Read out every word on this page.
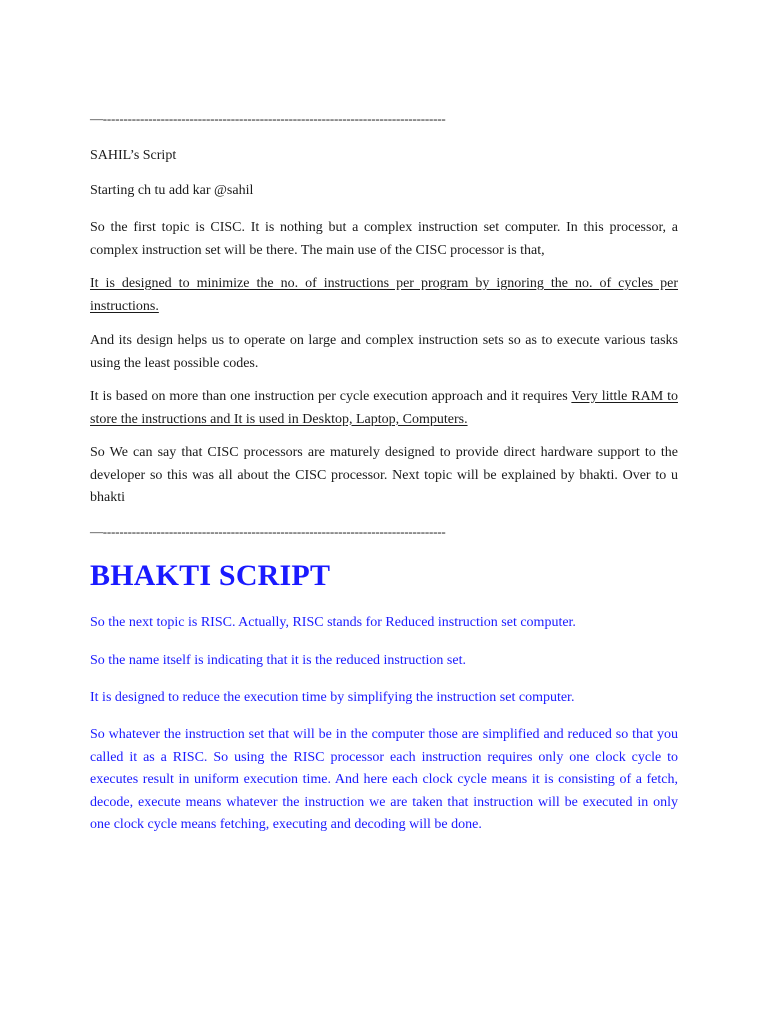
—-----------------------------------------------------------------------------------

SAHIL’s Script

Starting ch tu add kar @sahil

So the first topic is CISC. It is nothing but a complex instruction set computer. In this processor, a complex instruction set will be there. The main use of the CISC processor is that,

It is designed to minimize the no. of instructions per program by ignoring the no. of cycles per instructions.

And its design helps us to operate on large and complex instruction sets so as to execute various tasks using the least possible codes.

It is based on more than one instruction per cycle execution approach and it requires Very little RAM to store the instructions and It is used in Desktop, Laptop, Computers.

So We can say that CISC processors are maturely designed to provide direct hardware support to the developer so this was all about the CISC processor. Next topic will be explained by bhakti. Over to u bhakti

—-----------------------------------------------------------------------------------
BHAKTI SCRIPT

So the next topic is RISC. Actually, RISC stands for Reduced instruction set computer.

So the name itself is indicating that it is the reduced instruction set.

It is designed to reduce the execution time by simplifying the instruction set computer.

So whatever the instruction set that will be in the computer those are simplified and reduced so that you called it as a RISC. So using the RISC processor each instruction requires only one clock cycle to executes result in uniform execution time. And here each clock cycle means it is consisting of a fetch, decode, execute means whatever the instruction we are taken that instruction will be executed in only one clock cycle means fetching, executing and decoding will be done.
